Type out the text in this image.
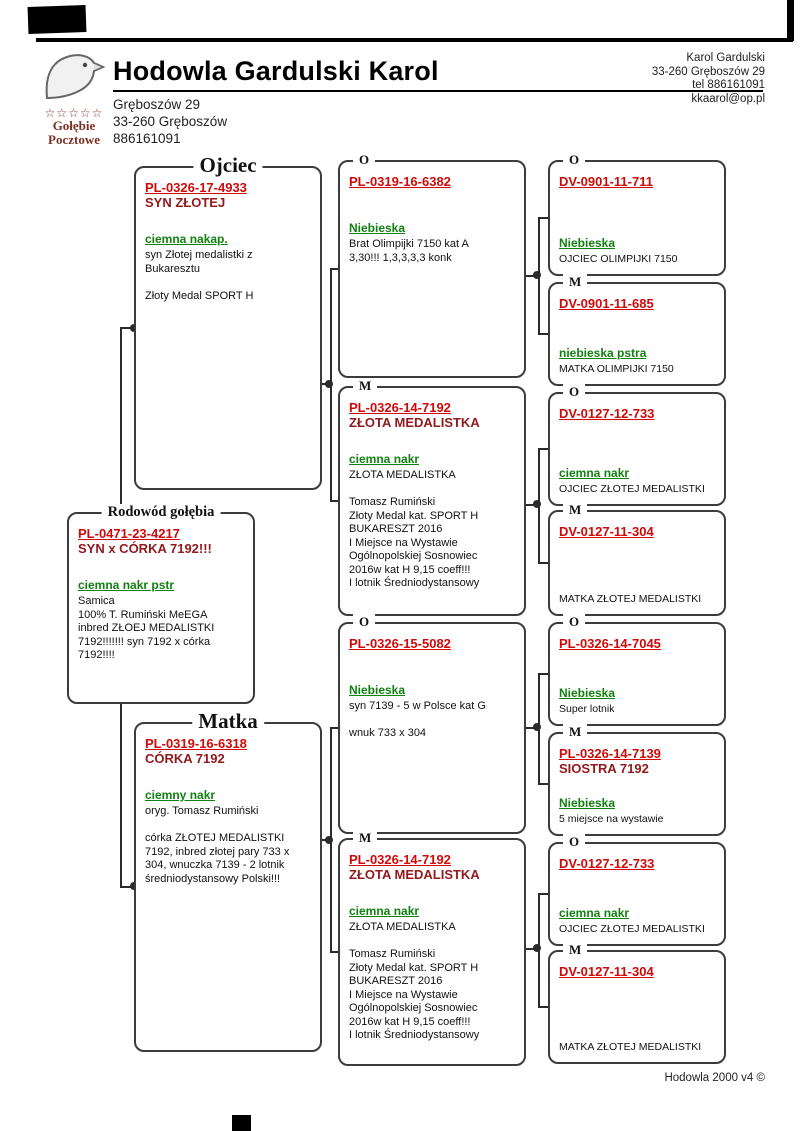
☆☆☆☆☆
Gołębie
Pocztowe
Hodowla Gardulski Karol
Gręboszów 29
33-260 Gręboszów
886161091
Karol Gardulski
33-260 Gręboszów 29
tel 886161091
kkaarol@op.pl
Ojciec
PL-0326-17-4933
SYN ZŁOTEJ
ciemna nakap.
syn Złotej medalistki z
Bukaresztu

Złoty Medal SPORT H
Rodowód gołębia
PL-0471-23-4217
SYN x CÓRKA 7192!!!
ciemna nakr pstr
Samica
100% T. Rumiński MeEGA
inbred ZŁOEJ MEDALISTKI
7192!!!!!!! syn 7192 x córka
7192!!!!
Matka
PL-0319-16-6318
CÓRKA 7192
ciemny nakr
oryg. Tomasz Rumiński

córka ZŁOTEJ MEDALISTKI
7192, inbred złotej pary 733 x
304, wnuczka 7139 - 2 lotnik
średniodystansowy Polski!!!
O
PL-0319-16-6382
Niebieska
Brat Olimpijki 7150 kat A
3,30!!! 1,3,3,3,3 konk
M
PL-0326-14-7192
ZŁOTA MEDALISTKA
ciemna nakr
ZŁOTA MEDALISTKA

Tomasz Rumiński
Złoty Medal kat. SPORT H
BUKARESZT 2016
I Miejsce na Wystawie
Ogólnopolskiej Sosnowiec
2016w kat H 9,15 coeff!!!
I lotnik Średniodystansowy
O
PL-0326-15-5082
Niebieska
syn 7139 - 5 w Polsce kat G

wnuk 733 x 304
M
PL-0326-14-7192
ZŁOTA MEDALISTKA
ciemna nakr
ZŁOTA MEDALISTKA

Tomasz Rumiński
Złoty Medal kat. SPORT H
BUKARESZT 2016
I Miejsce na Wystawie
Ogólnopolskiej Sosnowiec
2016w kat H 9,15 coeff!!!
I lotnik Średniodystansowy
O
DV-0901-11-711
Niebieska
OJCIEC OLIMPIJKI 7150
M
DV-0901-11-685
niebieska pstra
MATKA OLIMPIJKI 7150
O
DV-0127-12-733
ciemna nakr
OJCIEC ZŁOTEJ MEDALISTKI
M
DV-0127-11-304
MATKA ZŁOTEJ MEDALISTKI
O
PL-0326-14-7045
Niebieska
Super lotnik
M
PL-0326-14-7139
SIOSTRA 7192
Niebieska
5 miejsce na wystawie
O
DV-0127-12-733
ciemna nakr
OJCIEC ZŁOTEJ MEDALISTKI
M
DV-0127-11-304
MATKA ZŁOTEJ MEDALISTKI
Hodowla 2000 v4 ©
